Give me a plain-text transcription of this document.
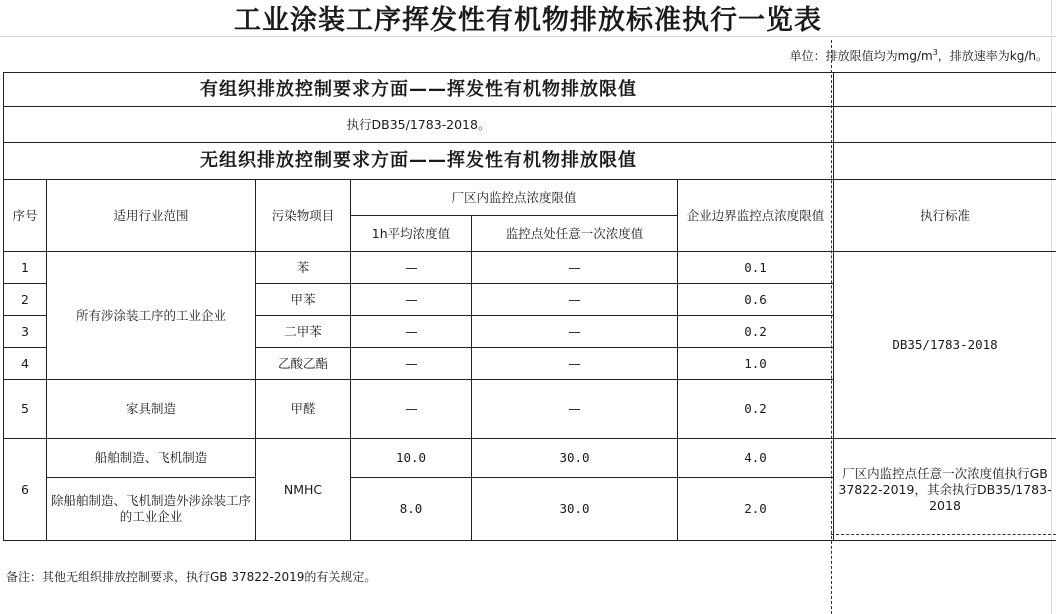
工业涂装工序挥发性有机物排放标准执行一览表
单位：排放限值均为$mg/m^3$，排放速率为kg/h。
有组织排放控制要求方面——挥发性有机物排放限值						
执行DB35/1783-2018。						
无组织排放控制要求方面——挥发性有机物排放限值						
序号	适用行业范围	污染物项目	厂区内监控点浓度限值		企业边界监控点浓度限值	执行标准
			1h平均浓度值	监控点处任意一次浓度值		
1	所有涉涂装工序的工业企业	苯			0.1	DB35/1783-2018
2		甲苯			0.6	
3		二甲苯			0.2	
4		乙酸乙酯			1.0	
5	家具制造	甲醛			0.2	
6	船舶制造、飞机制造	NMHC	10.0	30.0	4.0	厂区内监控点任意一次浓度值执行GB 37822-2019，其余执行DB35/1783-2018
	除船舶制造、飞机制造外涉涂装工序的工业企业		8.0	30.0	2.0	
备注：其他无组织排放控制要求，执行GB 37822-2019的有关规定。
